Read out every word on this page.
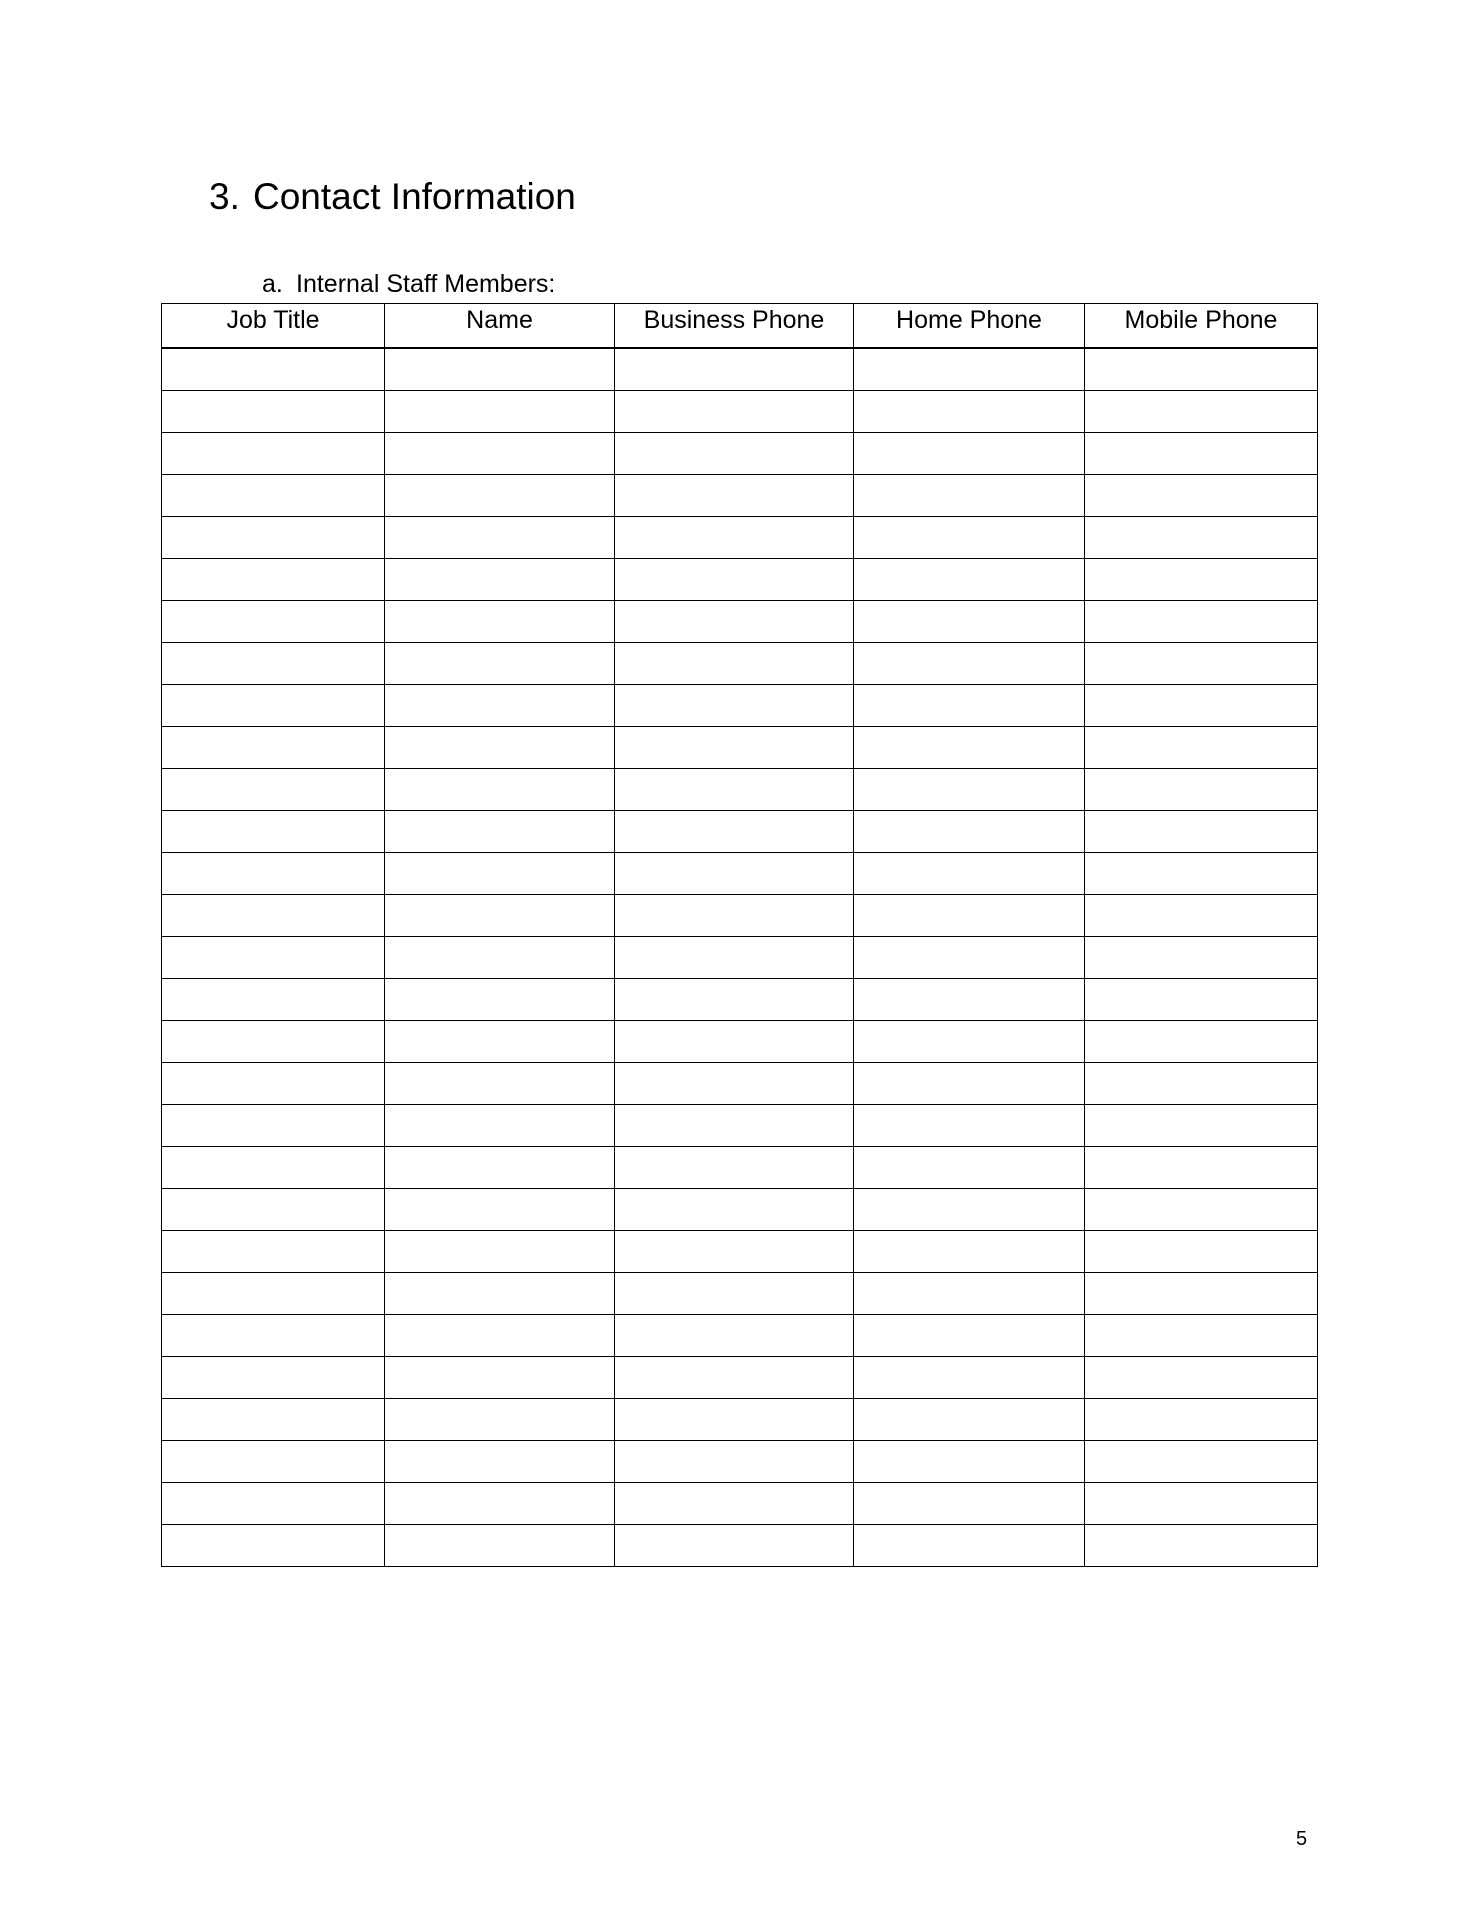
3. Contact Information
a. Internal Staff Members:
Job Title	Name	Business Phone	Home Phone	Mobile Phone

5
